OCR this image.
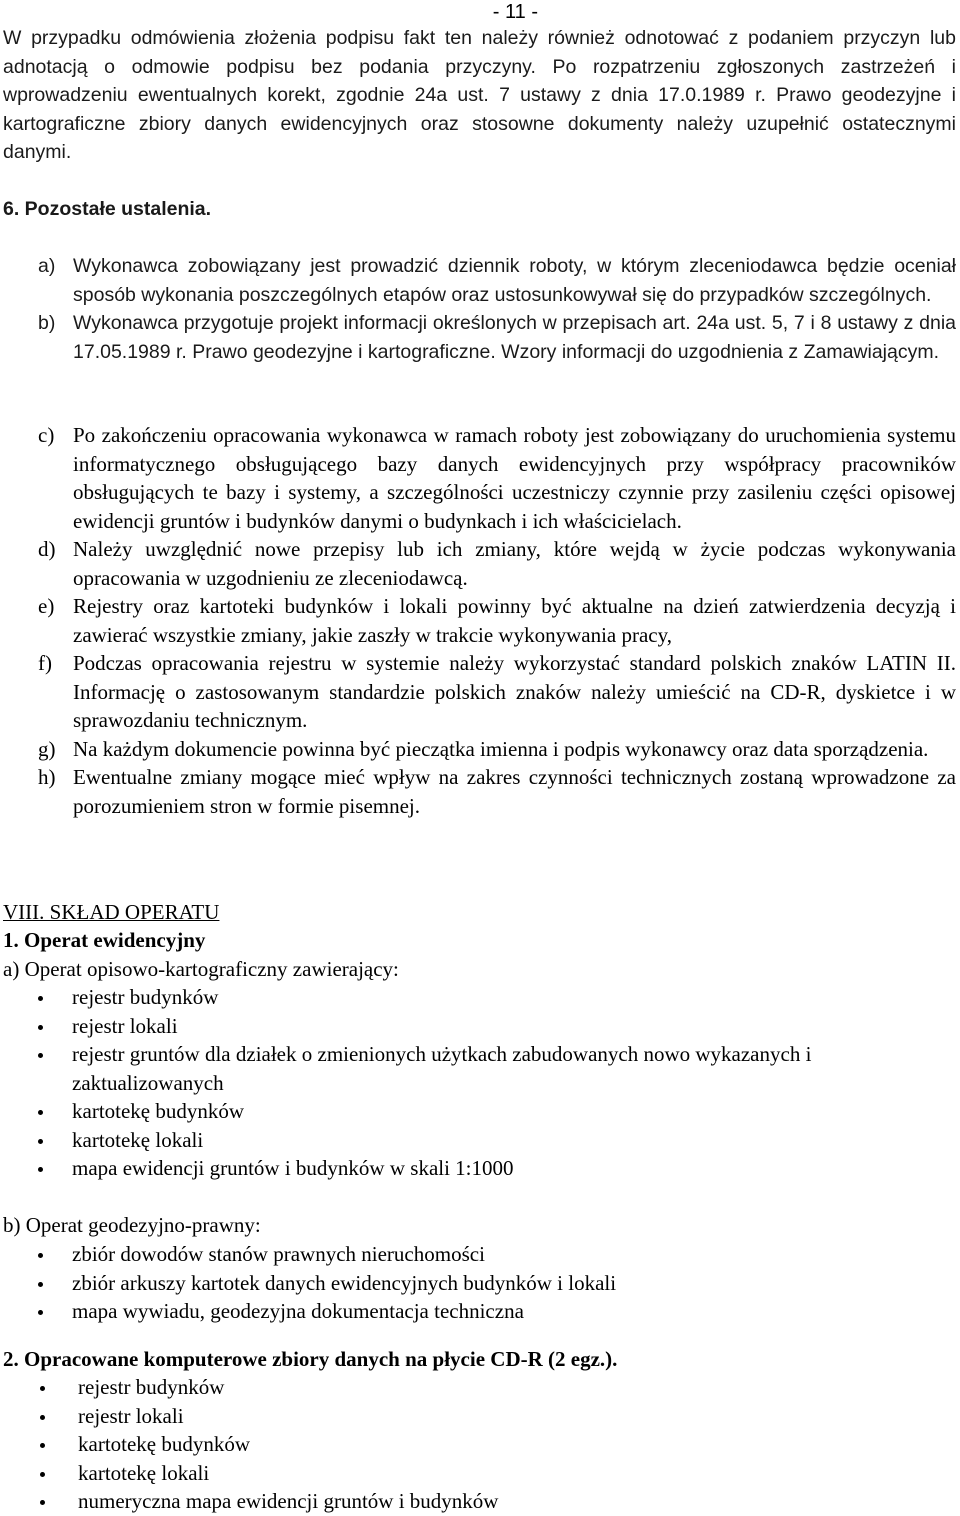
- 11 -
W przypadku odmówienia złożenia podpisu fakt ten należy również odnotować z podaniem przyczyn lub adnotacją o odmowie podpisu bez podania przyczyny. Po rozpatrzeniu zgłoszonych zastrzeżeń i wprowadzeniu ewentualnych korekt, zgodnie 24a ust. 7 ustawy z dnia 17.0.1989 r. Prawo geodezyjne i kartograficzne zbiory danych ewidencyjnych oraz stosowne dokumenty należy uzupełnić ostatecznymi danymi.
6. Pozostałe ustalenia.
a) Wykonawca zobowiązany jest prowadzić dziennik roboty, w którym zleceniodawca będzie oceniał sposób wykonania poszczególnych etapów oraz ustosunkowywał się do przypadków szczególnych.
b) Wykonawca przygotuje projekt informacji określonych w przepisach art. 24a ust. 5, 7 i 8 ustawy z dnia 17.05.1989 r. Prawo geodezyjne i kartograficzne. Wzory informacji do uzgodnienia z Zamawiającym.
c) Po zakończeniu opracowania wykonawca w ramach roboty jest zobowiązany do uruchomienia systemu informatycznego obsługującego bazy danych ewidencyjnych przy współpracy pracowników obsługujących te bazy i systemy, a szczególności uczestniczy czynnie przy zasileniu części opisowej ewidencji gruntów i budynków danymi o budynkach i ich właścicielach.
d) Należy uwzględnić nowe przepisy lub ich zmiany, które wejdą w życie podczas wykonywania opracowania w uzgodnieniu ze zleceniodawcą.
e) Rejestry oraz kartoteki budynków i lokali powinny być aktualne na dzień zatwierdzenia decyzją i zawierać wszystkie zmiany, jakie zaszły w trakcie wykonywania pracy,
f) Podczas opracowania rejestru w systemie należy wykorzystać standard polskich znaków LATIN II. Informację o zastosowanym standardzie polskich znaków należy umieścić na CD-R, dyskietce i w sprawozdaniu technicznym.
g) Na każdym dokumencie powinna być pieczątka imienna i podpis wykonawcy oraz data sporządzenia.
h) Ewentualne zmiany mogące mieć wpływ na zakres czynności technicznych zostaną wprowadzone za porozumieniem stron w formie pisemnej.
VIII. SKŁAD OPERATU
1. Operat ewidencyjny
a) Operat opisowo-kartograficzny zawierający:
rejestr budynków
rejestr lokali
rejestr gruntów dla działek o zmienionych użytkach zabudowanych nowo wykazanych i zaktualizowanych
kartotekę budynków
kartotekę lokali
mapa ewidencji gruntów i budynków w skali 1:1000
b) Operat geodezyjno-prawny:
zbiór dowodów stanów prawnych nieruchomości
zbiór arkuszy kartotek danych ewidencyjnych budynków i lokali
mapa wywiadu, geodezyjna dokumentacja techniczna
2. Opracowane komputerowe zbiory danych na płycie CD-R (2 egz.).
rejestr budynków
rejestr lokali
kartotekę budynków
kartotekę lokali
numeryczna mapa ewidencji gruntów i budynków
